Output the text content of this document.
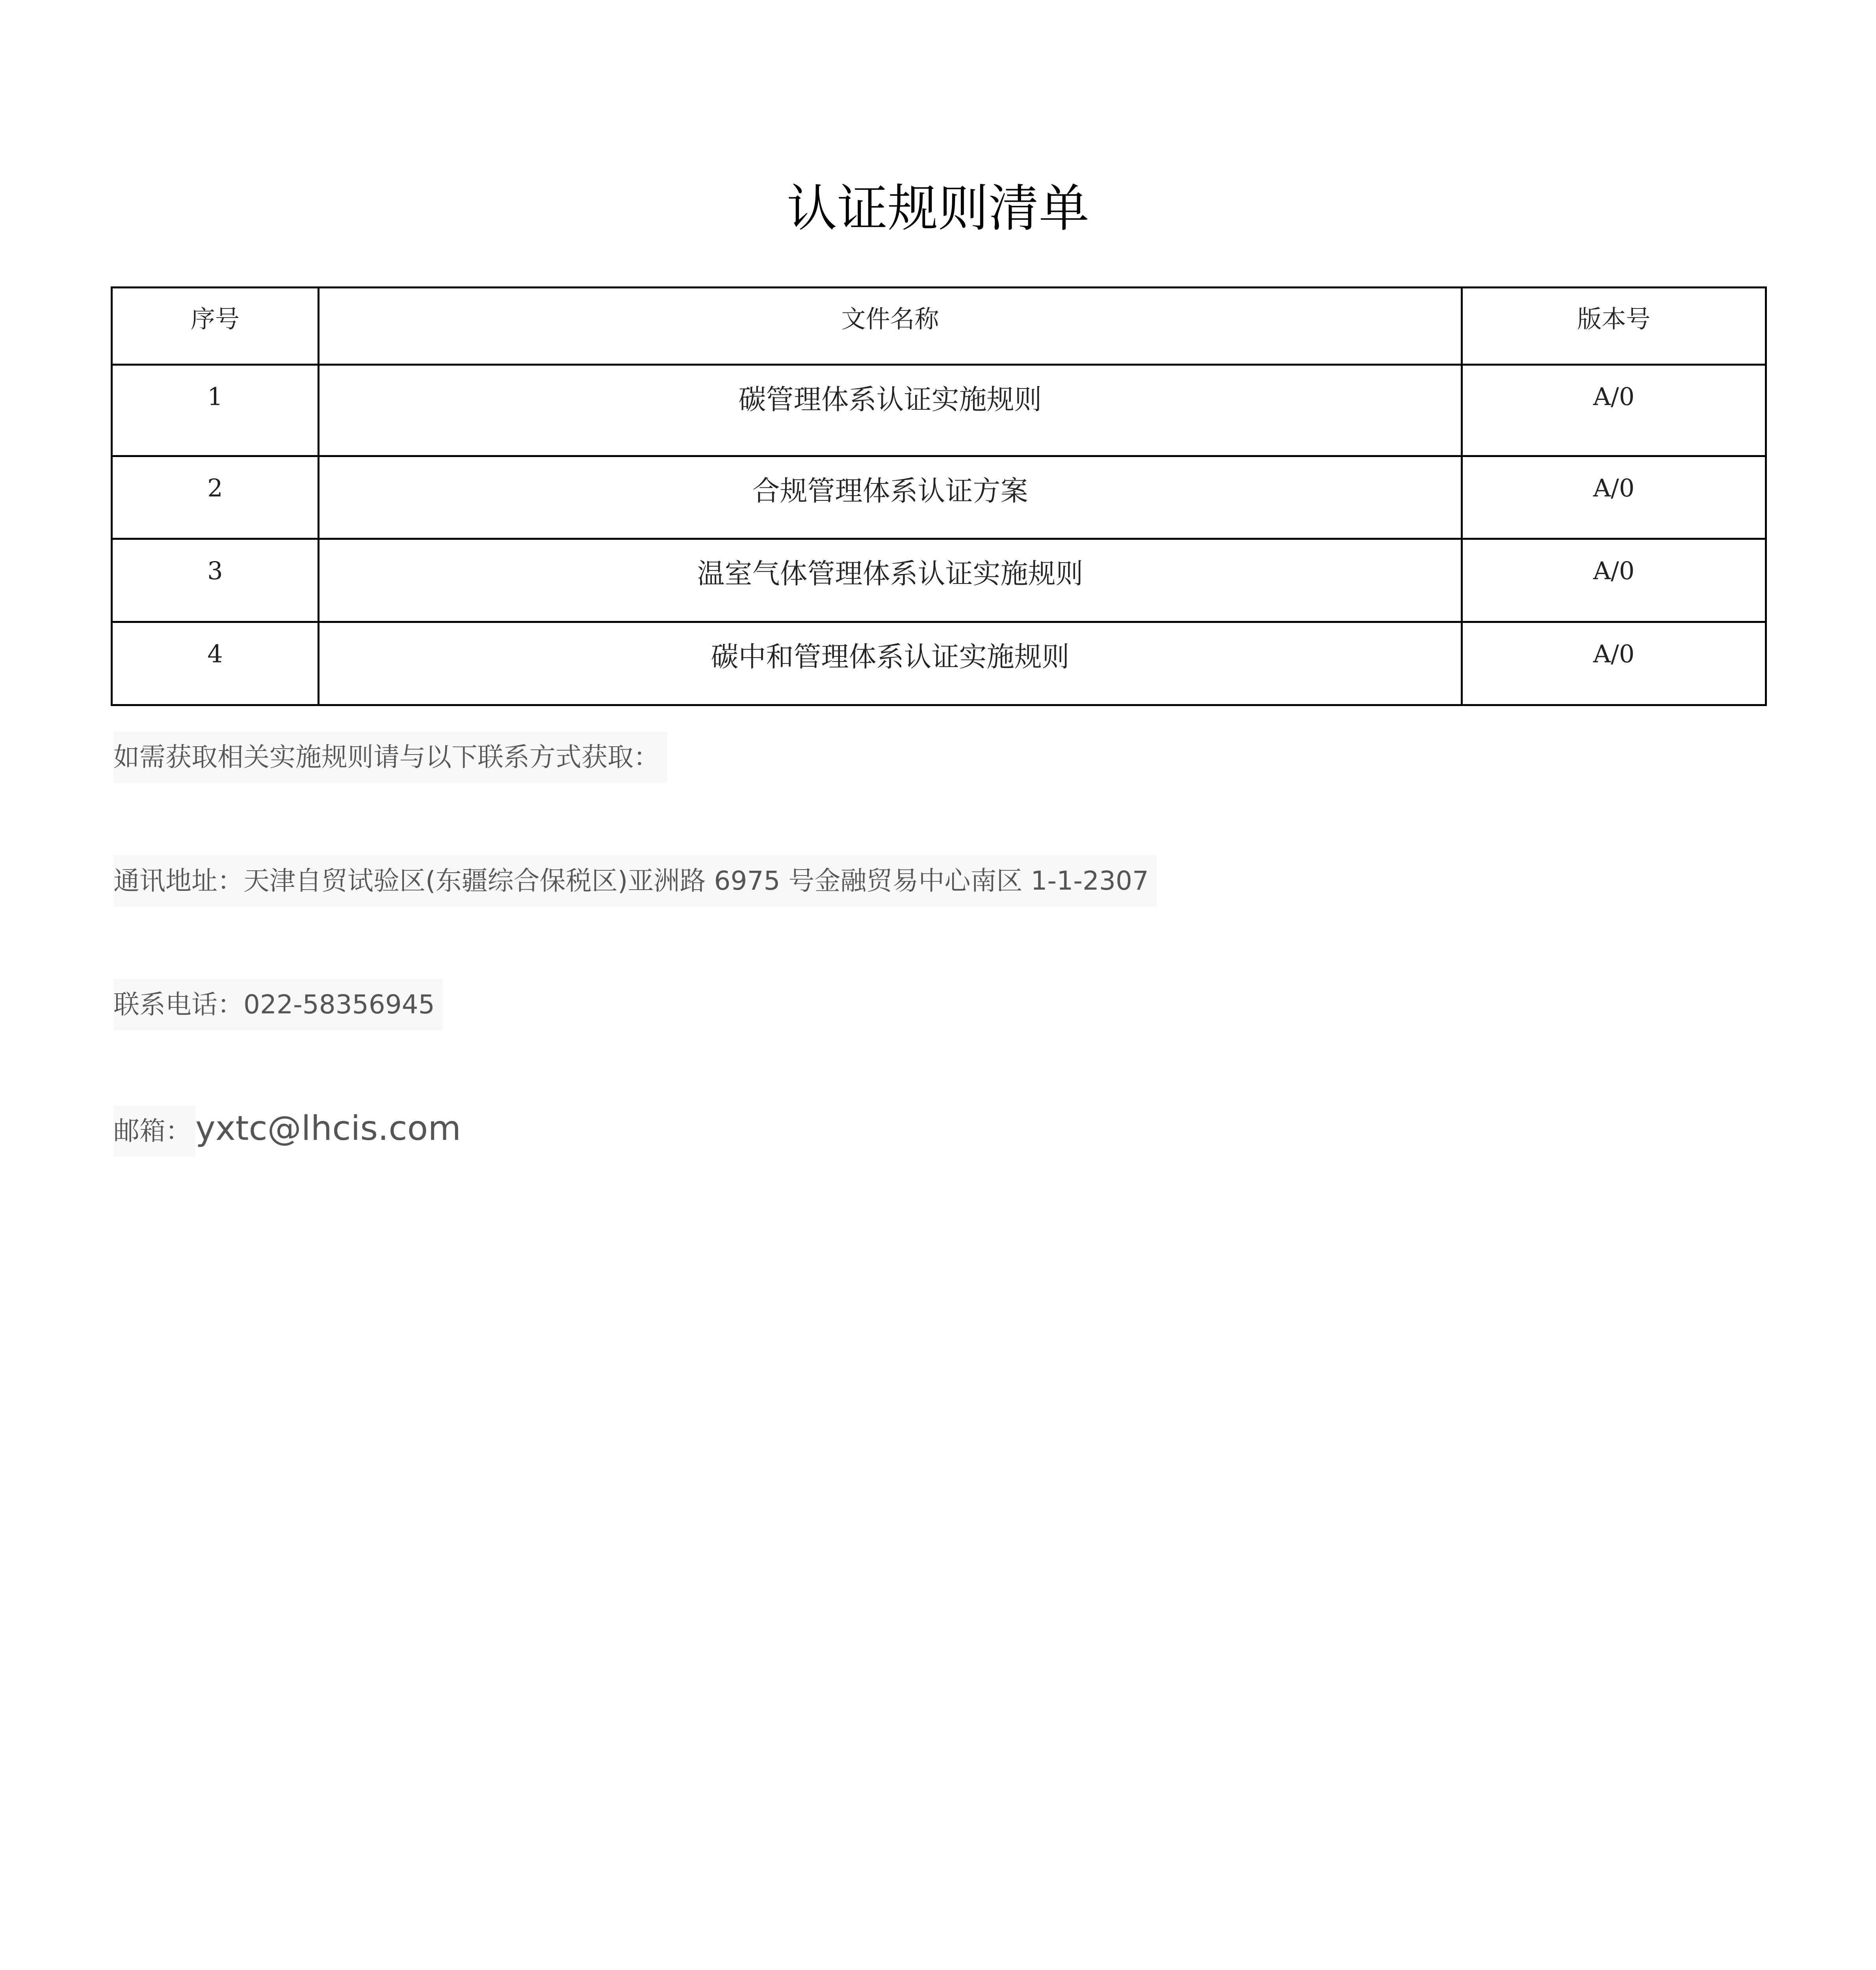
认证规则清单
序号	文件名称	版本号
1	碳管理体系认证实施规则	A/0
2	合规管理体系认证方案	A/0
3	温室气体管理体系认证实施规则	A/0
4	碳中和管理体系认证实施规则	A/0
如需获取相关实施规则请与以下联系方式获取：
通讯地址：天津自贸试验区(东疆综合保税区)亚洲路 6975 号金融贸易中心南区 1-1-2307
联系电话：022-58356945
邮箱： yxtc@lhcis.com
